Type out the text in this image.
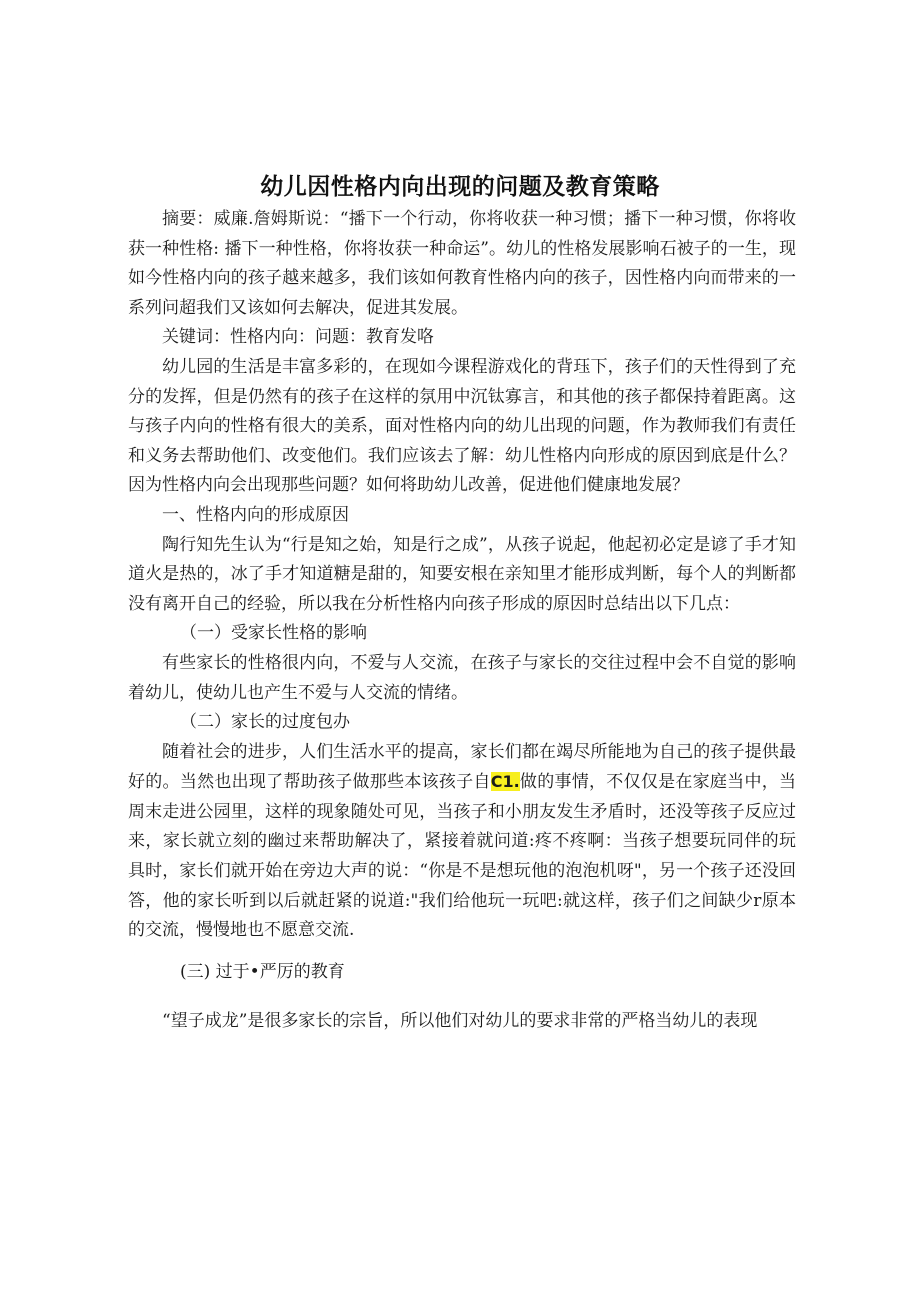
幼儿因性格内向出现的问题及教育策略

摘要：威廉.詹姆斯说：“播下一个行动，你将收获一种习惯；播下一种习惯，你将收获一种性格: 播下一种性格，你将妆获一种命运”。幼儿的性格发展影响石被子的一生，现如今性格内向的孩子越来越多，我们该如何教育性格内向的孩子，因性格内向而带来的一系列问超我们又该如何去解决，促进其发展。

关键词：性格内向：问题：教育发咯

幼儿园的生活是丰富多彩的，在现如今课程游戏化的背珏下，孩子们的天性得到了充分的发挥，但是仍然有的孩子在这样的氛用中沉钛寡言，和其他的孩子都保持着距离。这与孩子内向的性格有很大的美系，面对性格内向的幼儿出现的问题，作为教师我们有责任和义务去帮助他们、改变他们。我们应该去了解：幼儿性格内向形成的原因到底是什么？因为性格内向会出现那些问题？如何将助幼儿改善，促进他们健康地发展？

一、性格内向的形成原因

陶行知先生认为“行是知之始，知是行之成”，从孩子说起，他起初必定是谚了手才知道火是热的，冰了手才知道糖是甜的，知要安根在亲知里才能形成判断，每个人的判断都没有离开自己的经验，所以我在分析性格内向孩子形成的原因时总结出以下几点：

（一）受家长性格的影响

有些家长的性格很内向，不爱与人交流，在孩子与家长的交往过程中会不自觉的影响着幼儿，使幼儿也产生不爱与人交流的情绪。

（二）家长的过度包办

随着社会的进步，人们生活水平的提高，家长们都在竭尽所能地为自己的孩子提供最好的。当然也出现了帮助孩子做那些本该孩子自C1.做的事情，不仅仅是在家庭当中，当周末走进公园里，这样的现象随处可见，当孩子和小朋友发生矛盾时，还没等孩子反应过来，家长就立刻的幽过来帮助解决了，紧接着就问道:疼不疼啊：当孩子想要玩同伴的玩具时，家长们就开始在旁边大声的说：“你是不是想玩他的泡泡机呀"，另一个孩子还没回答，他的家长听到以后就赶紧的说道:"我们给他玩一玩吧:就这样，孩子们之间缺少r原本的交流，慢慢地也不愿意交流.

(三) 过于•严厉的教育

“望子成龙”是很多家长的宗旨，所以他们对幼儿的要求非常的严格当幼儿的表现
